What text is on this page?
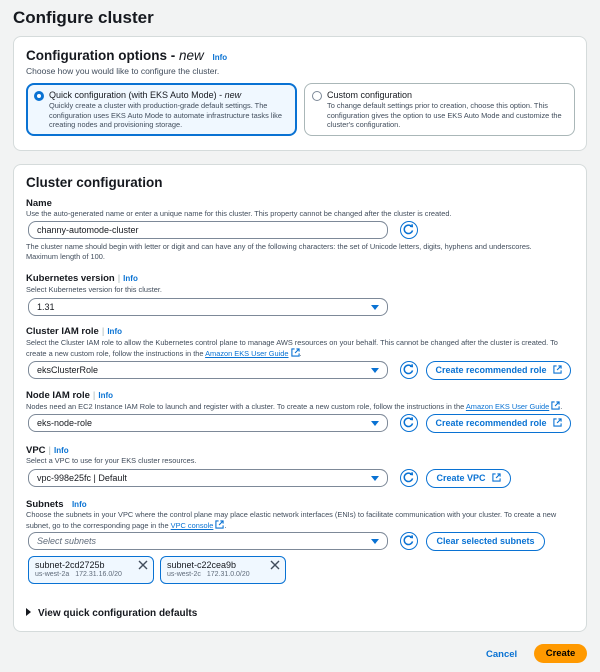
Configure cluster
Configuration options - new Info
Choose how you would like to configure the cluster.
Quick configuration (with EKS Auto Mode) - new
Quickly create a cluster with production-grade default settings. The configuration uses EKS Auto Mode to automate infrastructure tasks like creating nodes and provisioning storage.
Custom configuration
To change default settings prior to creation, choose this option. This configuration gives the option to use EKS Auto Mode and customize the cluster's configuration.
Cluster configuration
Name
Use the auto-generated name or enter a unique name for this cluster. This property cannot be changed after the cluster is created.
channy-automode-cluster
The cluster name should begin with letter or digit and can have any of the following characters: the set of Unicode letters, digits, hyphens and underscores.
Maximum length of 100.
Kubernetes version | Info
Select Kubernetes version for this cluster.
1.31
Cluster IAM role | Info
Select the Cluster IAM role to allow the Kubernetes control plane to manage AWS resources on your behalf. This cannot be changed after the cluster is created. To
create a new custom role, follow the instructions in the Amazon EKS User Guide .
eksClusterRole	Create recommended role
Node IAM role | Info
Nodes need an EC2 Instance IAM Role to launch and register with a cluster. To create a new custom role, follow the instructions in the Amazon EKS User Guide .
eks-node-role	Create recommended role
VPC | Info
Select a VPC to use for your EKS cluster resources.
vpc-998e25fc | Default	Create VPC
Subnets Info
Choose the subnets in your VPC where the control plane may place elastic network interfaces (ENIs) to facilitate communication with your cluster. To create a new
subnet, go to the corresponding page in the VPC console .
Select subnets	Clear selected subnets
subnet-2cd2725b
us-west-2a 172.31.16.0/20
subnet-c22cea9b
us-west-2c 172.31.0.0/20
View quick configuration defaults
Cancel	Create
